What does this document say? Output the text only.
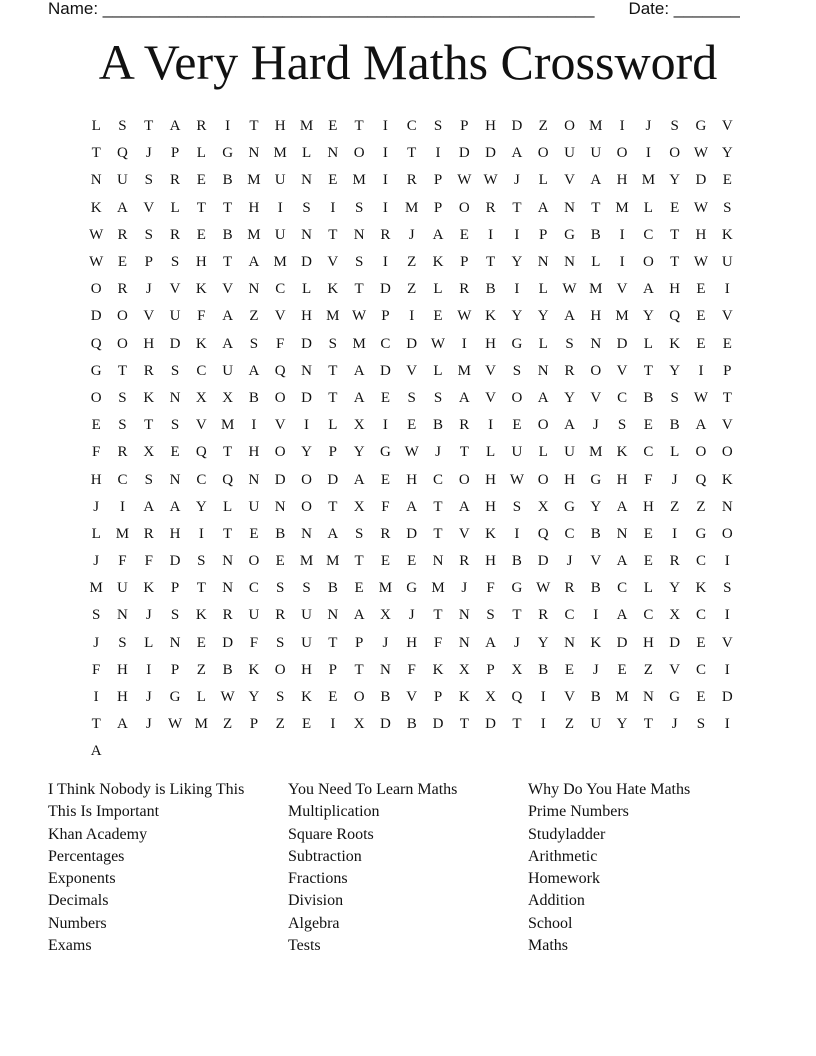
Name: ____________________________________________________ Date: _______
A Very Hard Maths Crossword
L	S	T	A	R	I	T	H M	E	T	I	C	S	P	H	D	Z	O M	I	J	S	G	V
T	Q	J	P	L	G	N M	L	N	O	I	T	I	D	D	A	O	U	U	O	I	O W Y
N	U	S	R	E	B M U	N	E	M	I	R	P	W W	J	L	V	A	H M Y	D	E
K	A	V	L	T	T	H	I	S	I	S	I	M	P	O	R	T	A	N	T	M	L	E W	S
W R	S	R	E	B M U	N	T	N	R	J	A	E	I	I	P	G	B	I	C	T	H	K
W E	P	S	H	T	A M D	V	S	I	Z	K	P	T	Y	N	N	L	I	O	T W U
O	R	J	V	K	V	N	C	L	K	T	D	Z	L	R	B	I	L W M V	A	H	E	I
D	O	V	U	F	A	Z	V	H M W	P	I	E W K	Y	Y	A	H M Y	Q	E	V
Q	O	H	D	K	A	S	F	D	S	M C	D W	I	H	G	L	S	N	D	L	K	E	E
G	T	R	S	C	U	A	Q	N	T	A	D	V	L	M V	S	N	R	O	V	T	Y	I	P
O	S	K	N	X	X	B	O	D	T	A	E	S	S	A	V	O	A	Y	V	C	B	S	W T
E	S	T	S	V M	I	V	I	L	X	I	E	B	R	I	E	O	A	J	S	E	B	A	V
F	R	X	E	Q	T	H	O	Y	P	Y	G W	J	T	L	U	L	U M K	C	L	O	O
H	C	S	N	C	Q	N	D	O	D	A	E	H	C	O	H W O	H	G	H	F	J	Q	K
J	I	A	A	Y	L	U	N	O	T	X	F	A	T	A	H	S	X	G	Y	A	H	Z	Z	N
L	M R	H	I	T	E	B	N	A	S	R	D	T	V	K	I	Q	C	B	N	E	I	G	O
J	F	F	D	S	N	O	E	M M	T	E	E	N	R	H	B	D	J	V	A	E	R	C	I
M U	K	P	T	N	C	S	S	B	E	M G M	J	F	G W R	B	C	L	Y	K	S
S	N	J	S	K	R	U	R	U	N	A	X	J	T	N	S	T	R	C	I	A	C	X	C	I
J	S	L	N	E	D	F	S	U	T	P	J	H	F	N	A	J	Y	N	K	D	H	D	E	V
F	H	I	P	Z	B	K	O	H	P	T	N	F	K	X	P	X	B	E	J	E	Z	V	C	I
I	H	J	G	L W Y	S	K	E	O	B	V	P	K	X	Q	I	V	B M N	G	E	D
T	A	J	W M	Z	P	Z	E	I	X	D	B	D	T	D	T	I	Z	U	Y	T	J	S	I
A
I Think Nobody is Liking This
This Is Important
Khan Academy
Percentages
Exponents
Decimals
Numbers
Exams
You Need To Learn Maths
Multiplication
Square Roots
Subtraction
Fractions
Division
Algebra
Tests
Why Do You Hate Maths
Prime Numbers
Studyladder
Arithmetic
Homework
Addition
School
Maths
